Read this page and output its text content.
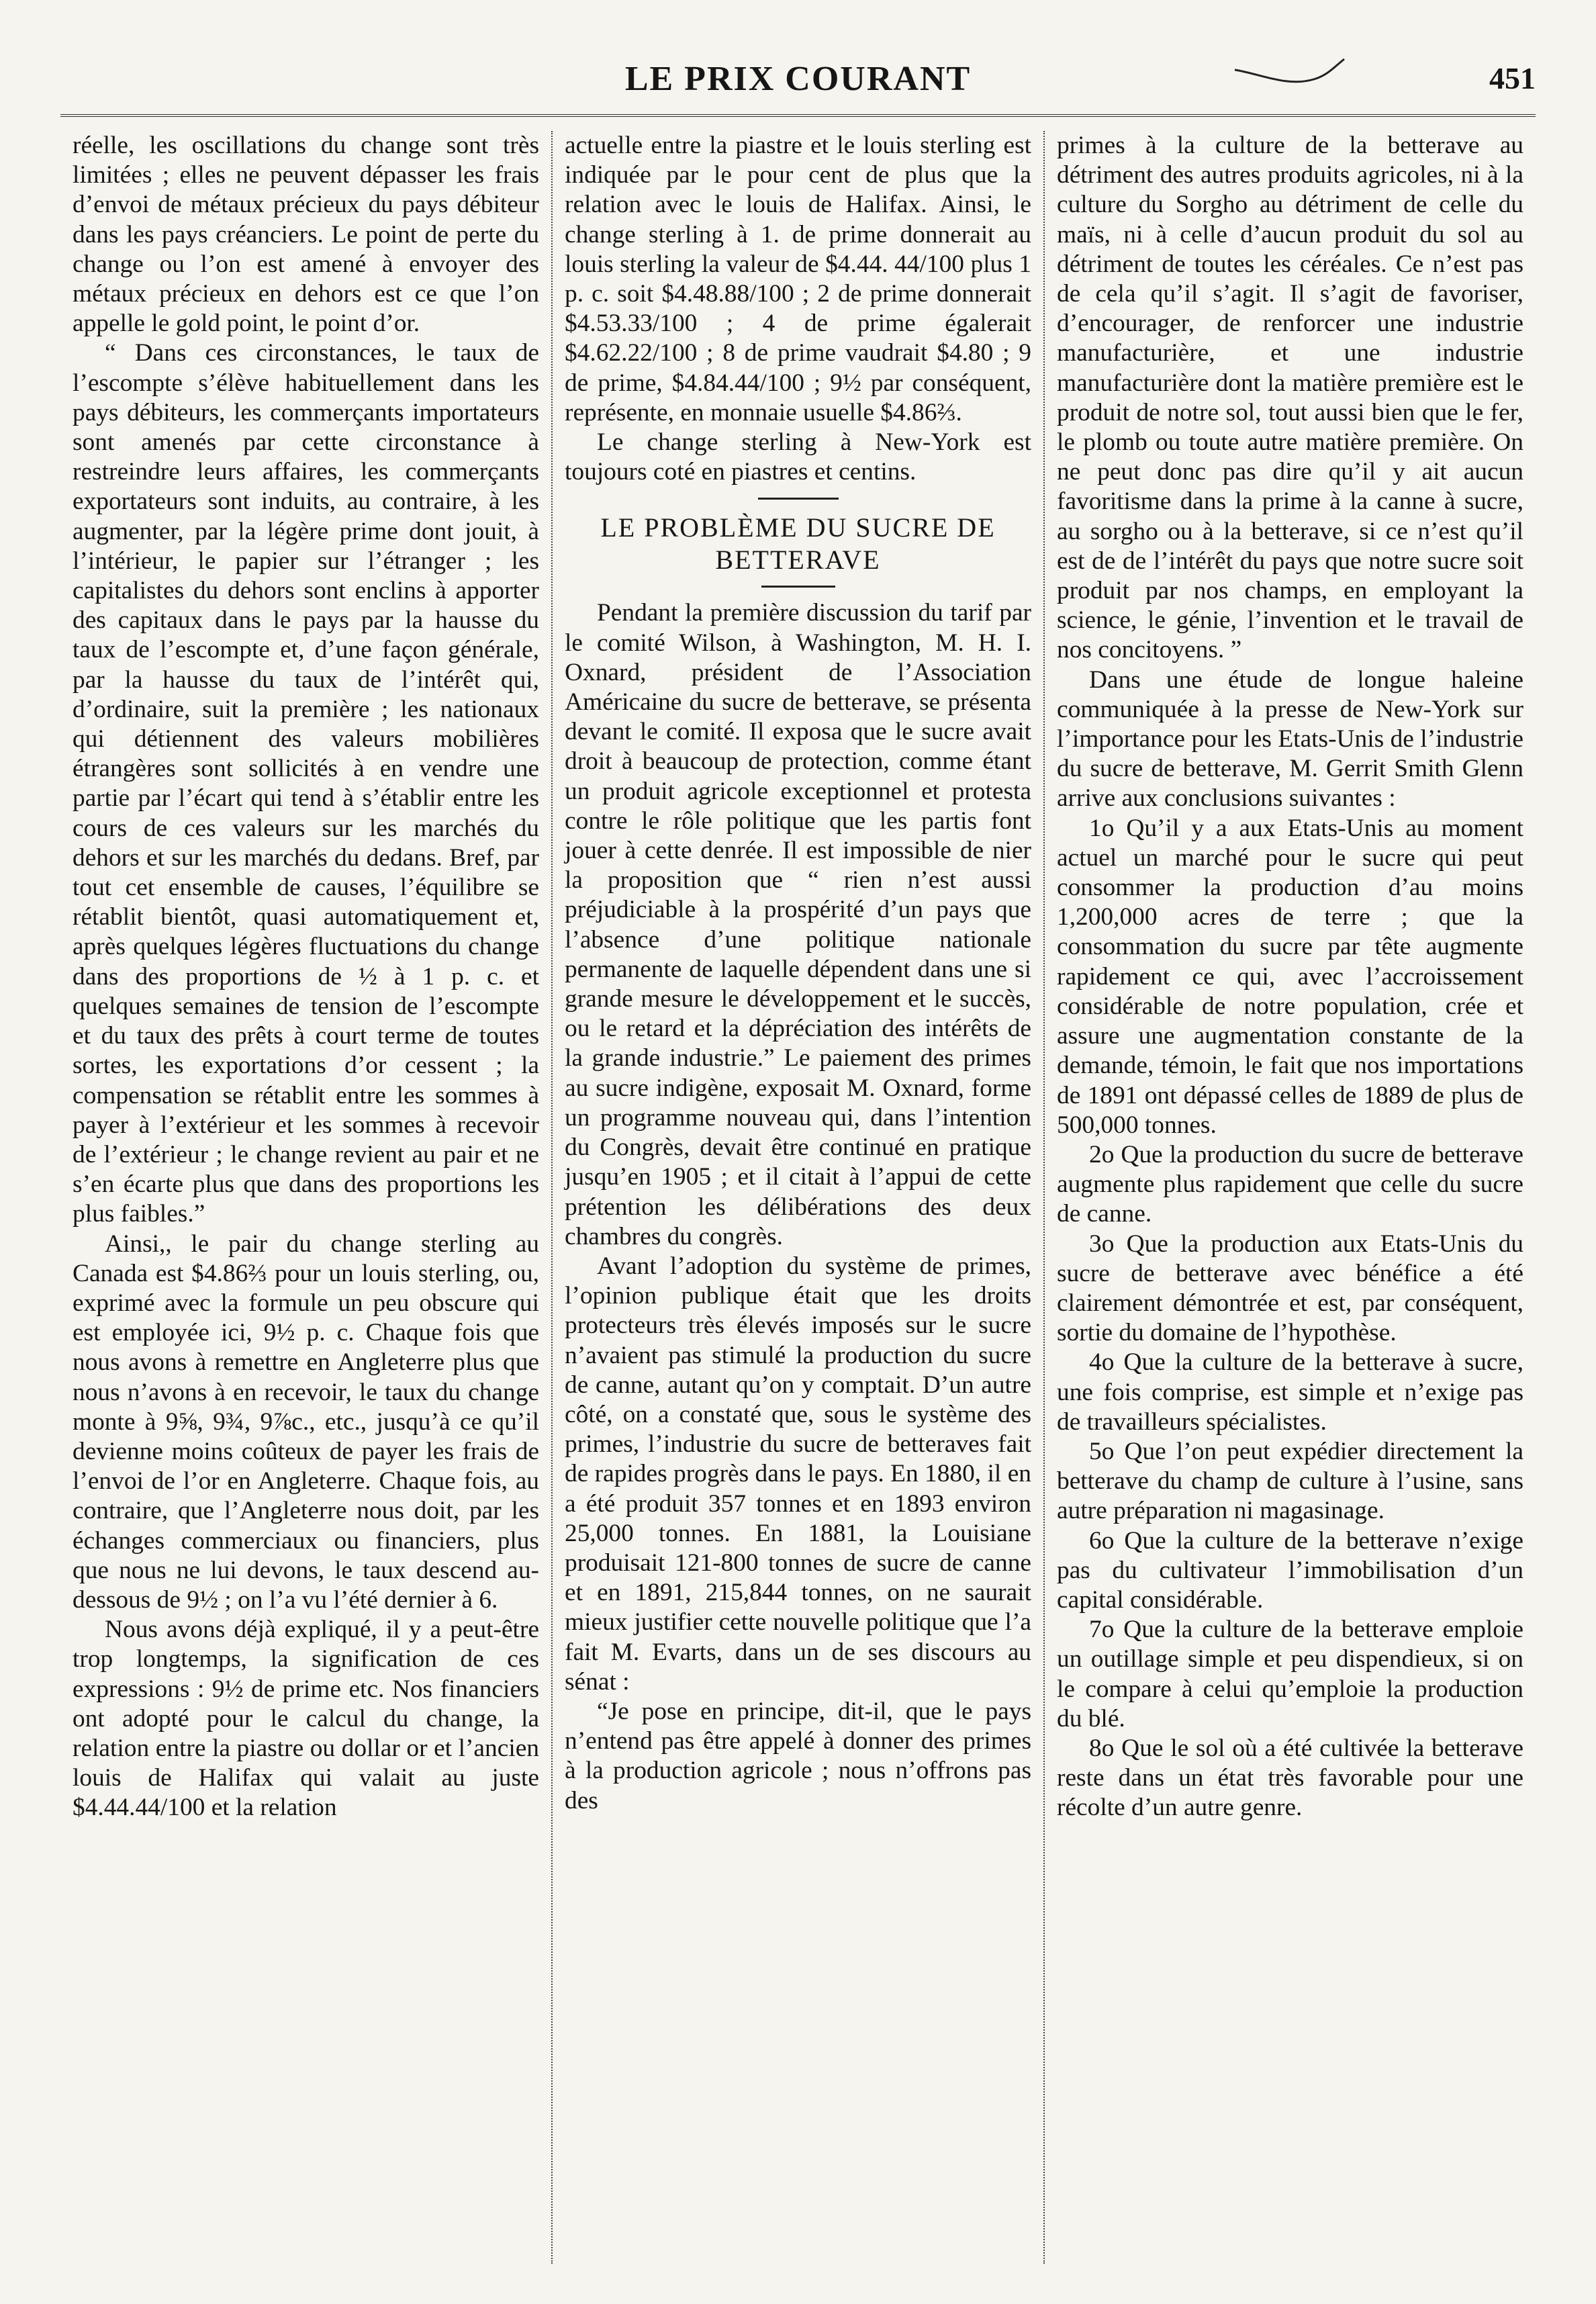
LE PRIX COURANT	451

réelle, les oscillations du change sont très limitées ; elles ne peuvent dépasser les frais d’envoi de métaux précieux du pays débiteur dans les pays créanciers. Le point de perte du change ou l’on est amené à envoyer des métaux précieux en dehors est ce que l’on appelle le gold point, le point d’or.

“ Dans ces circonstances, le taux de l’escompte s’élève habituellement dans les pays débiteurs, les commerçants importateurs sont amenés par cette circonstance à restreindre leurs affaires, les commerçants exportateurs sont induits, au contraire, à les augmenter, par la légère prime dont jouit, à l’intérieur, le papier sur l’étranger ; les capitalistes du dehors sont enclins à apporter des capitaux dans le pays par la hausse du taux de l’escompte et, d’une façon générale, par la hausse du taux de l’intérêt qui, d’ordinaire, suit la première ; les nationaux qui détiennent des valeurs mobilières étrangères sont sollicités à en vendre une partie par l’écart qui tend à s’établir entre les cours de ces valeurs sur les marchés du dehors et sur les marchés du dedans. Bref, par tout cet ensemble de causes, l’équilibre se rétablit bientôt, quasi automatiquement et, après quelques légères fluctuations du change dans des proportions de ½ à 1 p. c. et quelques semaines de tension de l’escompte et du taux des prêts à court terme de toutes sortes, les exportations d’or cessent ; la compensation se rétablit entre les sommes à payer à l’extérieur et les sommes à recevoir de l’extérieur ; le change revient au pair et ne s’en écarte plus que dans des proportions les plus faibles.”

Ainsi,, le pair du change sterling au Canada est $4.86⅔ pour un louis sterling, ou, exprimé avec la formule un peu obscure qui est employée ici, 9½ p. c. Chaque fois que nous avons à remettre en Angleterre plus que nous n’avons à en recevoir, le taux du change monte à 9⅝, 9¾, 9⅞c., etc., jusqu’à ce qu’il devienne moins coûteux de payer les frais de l’envoi de l’or en Angleterre. Chaque fois, au contraire, que l’Angleterre nous doit, par les échanges commerciaux ou financiers, plus que nous ne lui devons, le taux descend au-dessous de 9½ ; on l’a vu l’été dernier à 6.

Nous avons déjà expliqué, il y a peut-être trop longtemps, la signification de ces expressions : 9½ de prime etc. Nos financiers ont adopté pour le calcul du change, la relation entre la piastre ou dollar or et l’ancien louis de Halifax qui valait au juste $4.44.44/100 et la relation

actuelle entre la piastre et le louis sterling est indiquée par le pour cent de plus que la relation avec le louis de Halifax. Ainsi, le change sterling à 1. de prime donnerait au louis sterling la valeur de $4.44. 44/100 plus 1 p. c. soit $4.48.88/100 ; 2 de prime donnerait $4.53.33/100 ; 4 de prime égalerait $4.62.22/100 ; 8 de prime vaudrait $4.80 ; 9 de prime, $4.84.44/100 ; 9½ par conséquent, représente, en monnaie usuelle $4.86⅔.

Le change sterling à New-York est toujours coté en piastres et centins.

LE PROBLÈME DU SUCRE DE BETTERAVE

Pendant la première discussion du tarif par le comité Wilson, à Washington, M. H. I. Oxnard, président de l’Association Américaine du sucre de betterave, se présenta devant le comité. Il exposa que le sucre avait droit à beaucoup de protection, comme étant un produit agricole exceptionnel et protesta contre le rôle politique que les partis font jouer à cette denrée. Il est impossible de nier la proposition que “ rien n’est aussi préjudiciable à la prospérité d’un pays que l’absence d’une politique nationale permanente de laquelle dépendent dans une si grande mesure le développement et le succès, ou le retard et la dépréciation des intérêts de la grande industrie.” Le paiement des primes au sucre indigène, exposait M. Oxnard, forme un programme nouveau qui, dans l’intention du Congrès, devait être continué en pratique jusqu’en 1905 ; et il citait à l’appui de cette prétention les délibérations des deux chambres du congrès.

Avant l’adoption du système de primes, l’opinion publique était que les droits protecteurs très élevés imposés sur le sucre n’avaient pas stimulé la production du sucre de canne, autant qu’on y comptait. D’un autre côté, on a constaté que, sous le système des primes, l’industrie du sucre de betteraves fait de rapides progrès dans le pays. En 1880, il en a été produit 357 tonnes et en 1893 environ 25,000 tonnes. En 1881, la Louisiane produisait 121-800 tonnes de sucre de canne et en 1891, 215,844 tonnes, on ne saurait mieux justifier cette nouvelle politique que l’a fait M. Evarts, dans un de ses discours au sénat :

“Je pose en principe, dit-il, que le pays n’entend pas être appelé à donner des primes à la production agricole ; nous n’offrons pas des

primes à la culture de la betterave au détriment des autres produits agricoles, ni à la culture du Sorgho au détriment de celle du maïs, ni à celle d’aucun produit du sol au détriment de toutes les céréales. Ce n’est pas de cela qu’il s’agit. Il s’agit de favoriser, d’encourager, de renforcer une industrie manufacturière, et une industrie manufacturière dont la matière première est le produit de notre sol, tout aussi bien que le fer, le plomb ou toute autre matière première. On ne peut donc pas dire qu’il y ait aucun favoritisme dans la prime à la canne à sucre, au sorgho ou à la betterave, si ce n’est qu’il est de de l’intérêt du pays que notre sucre soit produit par nos champs, en employant la science, le génie, l’invention et le travail de nos concitoyens. ”

Dans une étude de longue haleine communiquée à la presse de New-York sur l’importance pour les Etats-Unis de l’industrie du sucre de betterave, M. Gerrit Smith Glenn arrive aux conclusions suivantes :

1o Qu’il y a aux Etats-Unis au moment actuel un marché pour le sucre qui peut consommer la production d’au moins 1,200,000 acres de terre ; que la consommation du sucre par tête augmente rapidement ce qui, avec l’accroissement considérable de notre population, crée et assure une augmentation constante de la demande, témoin, le fait que nos importations de 1891 ont dépassé celles de 1889 de plus de 500,000 tonnes.

2o Que la production du sucre de betterave augmente plus rapidement que celle du sucre de canne.

3o Que la production aux Etats-Unis du sucre de betterave avec bénéfice a été clairement démontrée et est, par conséquent, sortie du domaine de l’hypothèse.

4o Que la culture de la betterave à sucre, une fois comprise, est simple et n’exige pas de travailleurs spécialistes.

5o Que l’on peut expédier directement la betterave du champ de culture à l’usine, sans autre préparation ni magasinage.

6o Que la culture de la betterave n’exige pas du cultivateur l’immobilisation d’un capital considérable.

7o Que la culture de la betterave emploie un outillage simple et peu dispendieux, si on le compare à celui qu’emploie la production du blé.

8o Que le sol où a été cultivée la betterave reste dans un état très favorable pour une récolte d’un autre genre.
